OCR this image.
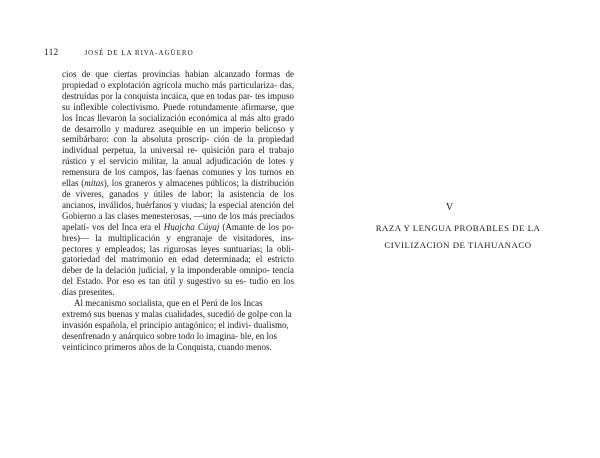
112	JOSÉ DE LA RIVA-AGÜERO

cios de que ciertas provincias habían alcanzado formas de propiedad o explotación agrícola mucho más particulariza- das, destruídas por la conquista incaica, que en todas par- tes impuso su inflexible colectivismo. Puede rotundamente afirmarse, que los Incas llevaron la socialización económica al más alto grado de desarrollo y madurez asequible en un imperio belicoso y semibárbaro: con la absoluta proscrip- ción de la propiedad individual perpetua, la universal re- quisición para el trabajo rústico y el servicio militar, la anual adjudicación de lotes y remensura de los campos, las faenas comunes y los turnos en ellas (mitas), los graneros y almacenes públicos; la distribución de víveres, ganados y útiles de labor; la asistencia de los ancianos, inválidos, huérfanos y viudas; la especial atención del Gobierno a las clases menesterosas, —uno de los más preciados apelati- vos del Inca era el Huajcha Cúyaj (Amante de los po- bres)— la multiplicación y engranaje de visitadores, ins- pectores y empleados; las rigurosas leyes suntuarias; la obli- gatoriedad del matrimonio en edad determinada; el estricto deber de la delación judicial, y la imponderable omnipo- tencia del Estado. Por eso es tan útil y sugestivo su es- tudio en los días presentes.

Al mecanismo socialista, que en el Perú de los Incas extremó sus buenas y malas cualidades, sucedió de golpe con la invasión española, el principio antagónico; el indivi- dualismo, desenfrenado y anárquico sobre todo lo imagina- ble, en los veinticinco primeros años de la Conquista, cuando menos.

V
RAZA Y LENGUA PROBABLES DE LA
CIVILIZACION DE TIAHUANACO
